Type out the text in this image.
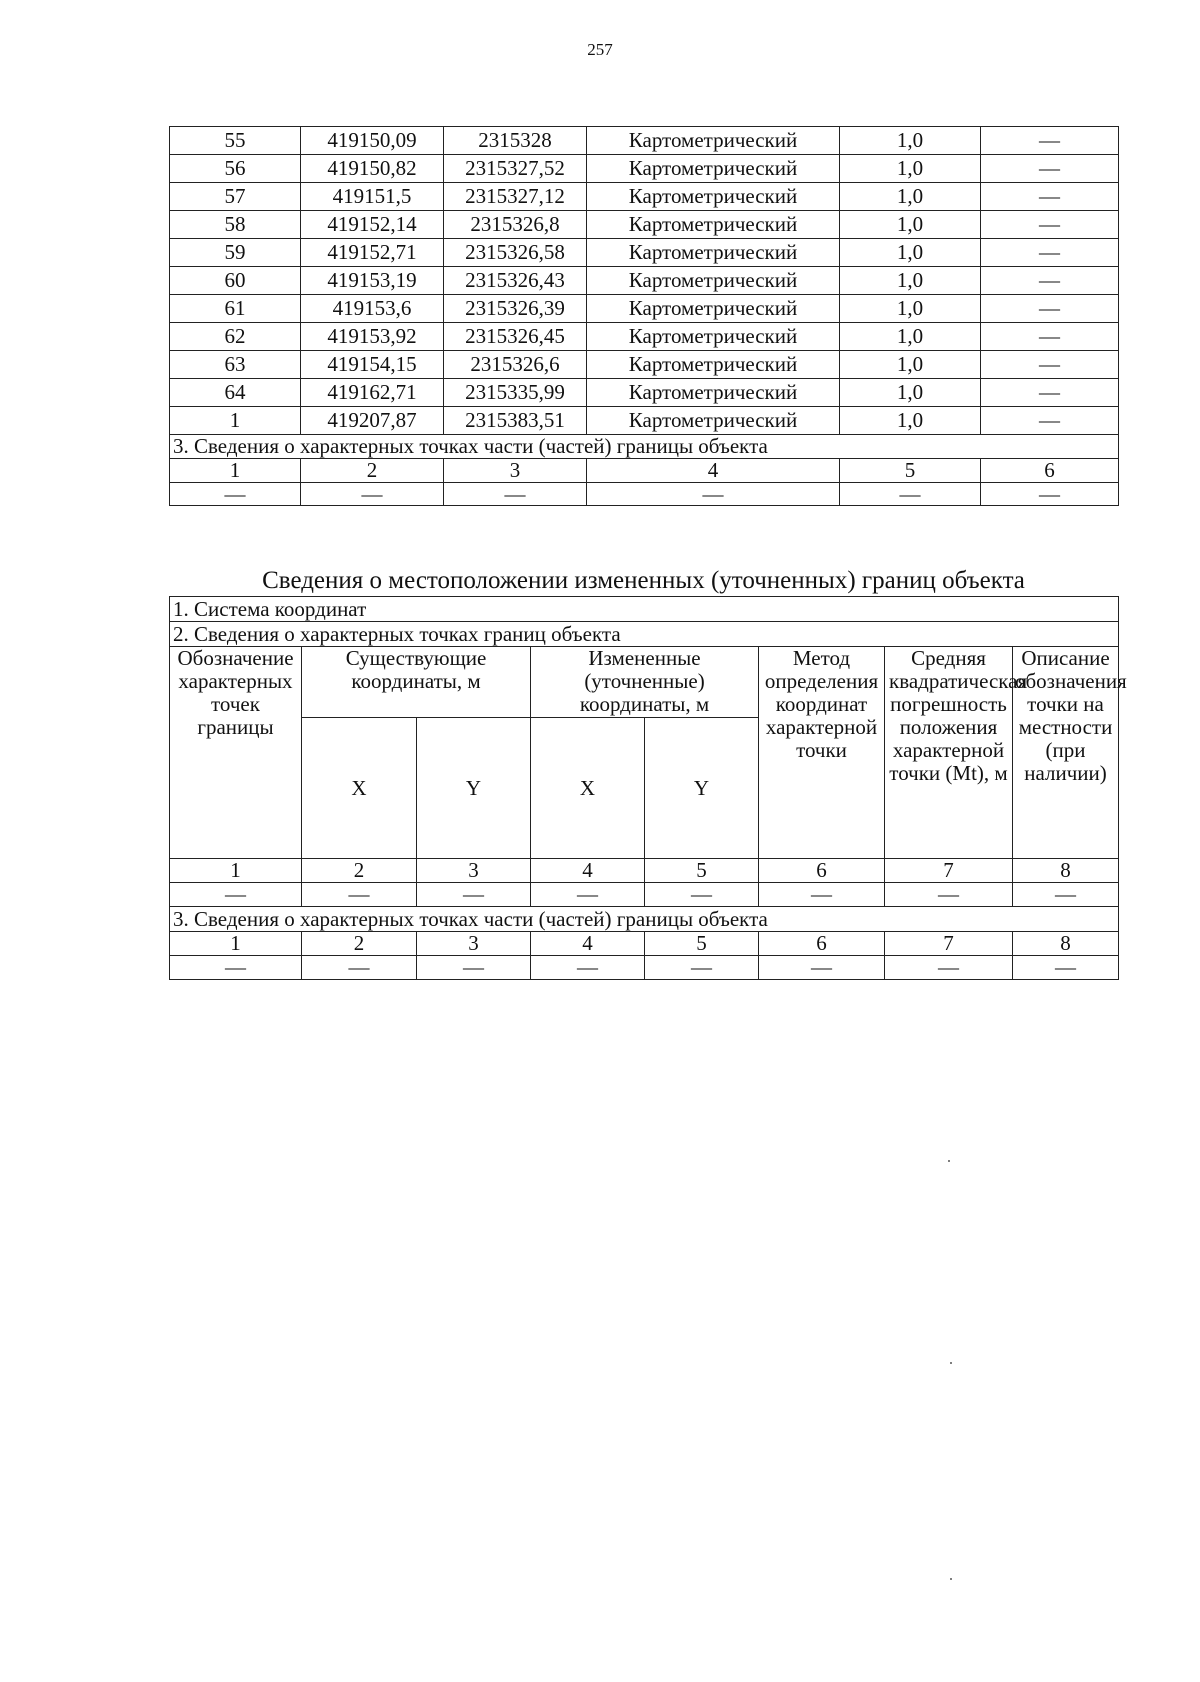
257
55	419150,09	2315328	Картометрический	1,0	—
56	419150,82	2315327,52	Картометрический	1,0	—
57	419151,5	2315327,12	Картометрический	1,0	—
58	419152,14	2315326,8	Картометрический	1,0	—
59	419152,71	2315326,58	Картометрический	1,0	—
60	419153,19	2315326,43	Картометрический	1,0	—
61	419153,6	2315326,39	Картометрический	1,0	—
62	419153,92	2315326,45	Картометрический	1,0	—
63	419154,15	2315326,6	Картометрический	1,0	—
64	419162,71	2315335,99	Картометрический	1,0	—
1	419207,87	2315383,51	Картометрический	1,0	—
3. Сведения о характерных точках части (частей) границы объекта					
1	2	3	4	5	6
—	—	—	—	—	—
Сведения о местоположении измененных (уточненных) границ объекта
1. Система координат							
2. Сведения о характерных точках границ объекта							
Обозначение характерных точек границы	Существующие координаты, м		Измененные (уточненные) координаты, м		Метод определения координат характерной точки	Средняя квадратическая погрешность положения характерной точки (Mt), м	Описание обозначения точки на местности (при наличии)
	X	Y	X	Y			
1	2	3	4	5	6	7	8
—	—	—	—	—	—	—	—
3. Сведения о характерных точках части (частей) границы объекта							
1	2	3	4	5	6	7	8
—	—	—	—	—	—	—	—
